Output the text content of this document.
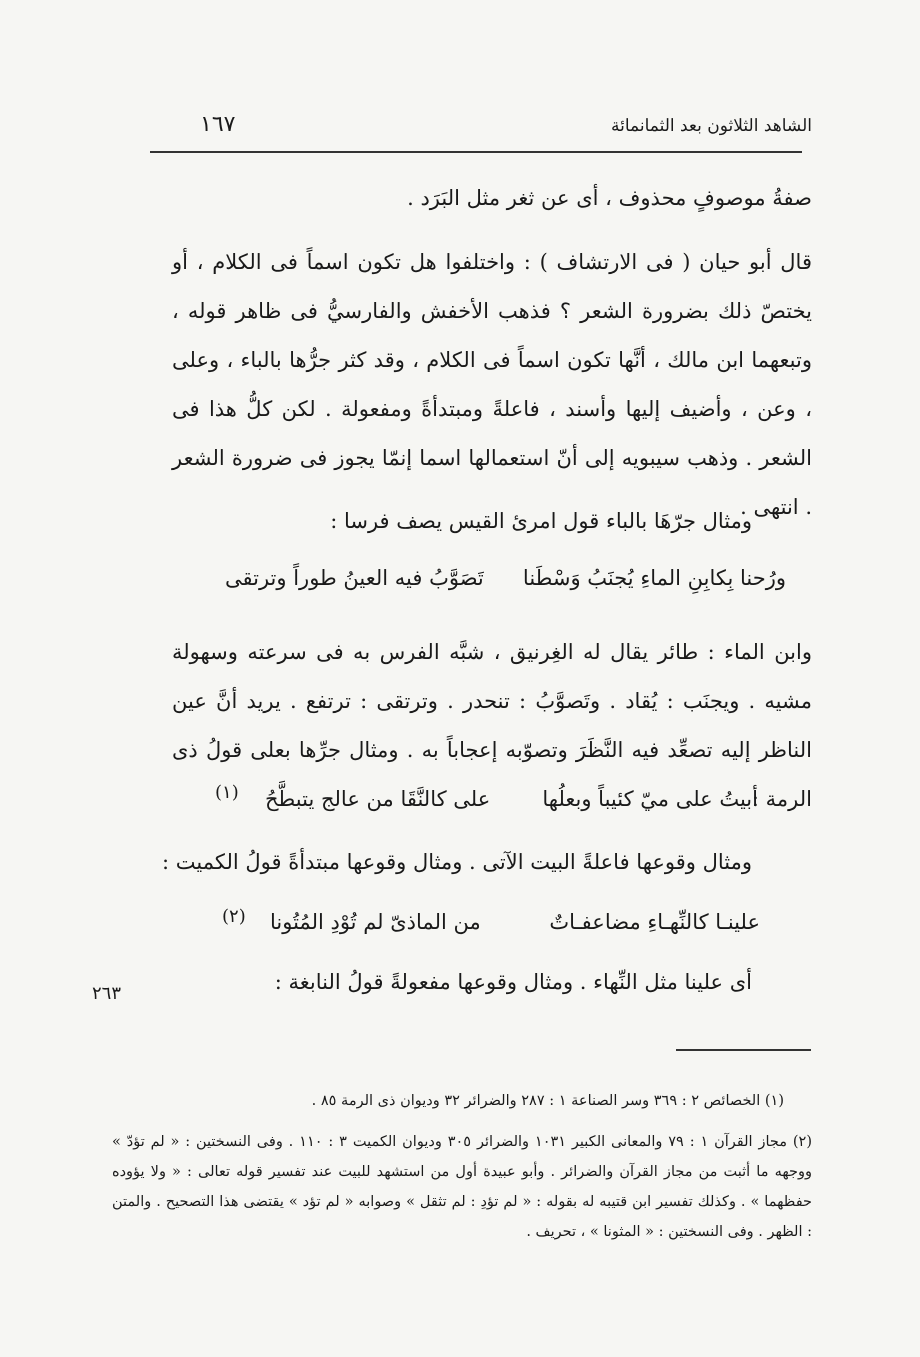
الشاهد الثلاثون بعد الثمانمائة
١٦٧
صفةُ موصوفٍ محذوف ، أى عن ثغر مثل البَرَد .
قال أبو حيان ( فى الارتشاف ) : واختلفوا هل تكون اسماً فى الكلام ، أو يختصّ ذلك بضرورة الشعر ؟ فذهب الأخفش والفارسيُّ فى ظاهر قوله ، وتبعهما ابن مالك ، أنَّها تكون اسماً فى الكلام ، وقد كثر جرُّها بالباء ، وعلى ، وعن ، وأضيف إليها وأسند ، فاعلةً ومبتدأةً ومفعولة . لكن كلُّ هذا فى الشعر . وذهب سيبويه إلى أنّ استعمالها اسما إنمّا يجوز فى ضرورة الشعر . انتهى .
ومثال جرّهَا بالباء قول امرئ القيس يصف فرسا :
ورُحنا بِكابِنِ الماءِ يُجنَبُ وَسْطَنا
تَصَوَّبُ فيه العينُ طوراً وترتقى
وابن الماء : طائر يقال له الغِرنيق ، شبَّه الفرس به فى سرعته وسهولة مشيه . ويجنَب : يُقاد . وتَصوَّبُ : تنحدر . وترتقى : ترتفع . يريد أنَّ عين الناظر إليه تصعِّد فيه النَّظَرَ وتصوّبه إعجاباً به . ومثال جرِّها بعلى قولُ ذى الرمة :
أبيتُ على ميّ كئيباً وبعلُها
على كالنَّقَا من عالج يتبطَّحُ
(١)
ومثال وقوعها فاعلةً البيت الآتى . ومثال وقوعها مبتدأةً قولُ الكميت :
علينـا كالنِّهـاءِ مضاعفـاتٌ
من الماذىّ لم تُوْدِ المُتُونا
(٢)
أى علينا مثل النِّهاء . ومثال وقوعها مفعولةً قولُ النابغة :
٢٦٣
(١) الخصائص ٢ : ٣٦٩ وسر الصناعة ١ : ٢٨٧ والضرائر ٣٢ وديوان ذى الرمة ٨٥ .
(٢) مجاز القرآن ١ : ٧٩ والمعانى الكبير ١٠٣١ والضرائر ٣٠٥ وديوان الكميت ٣ : ١١٠ . وفى النسختين : « لم تؤدّ » ووجهه ما أثبت من مجاز القرآن والضرائر . وأبو عبيدة أول من استشهد للبيت عند تفسير قوله تعالى : « ولا يؤوده حفظهما » . وكذلك تفسير ابن قتيبه له بقوله : « لم تؤدِ : لم تثقل » وصوابه « لم تؤد » يقتضى هذا التصحيح . والمتن : الظهر . وفى النسختين : « المثونا » ، تحريف .
